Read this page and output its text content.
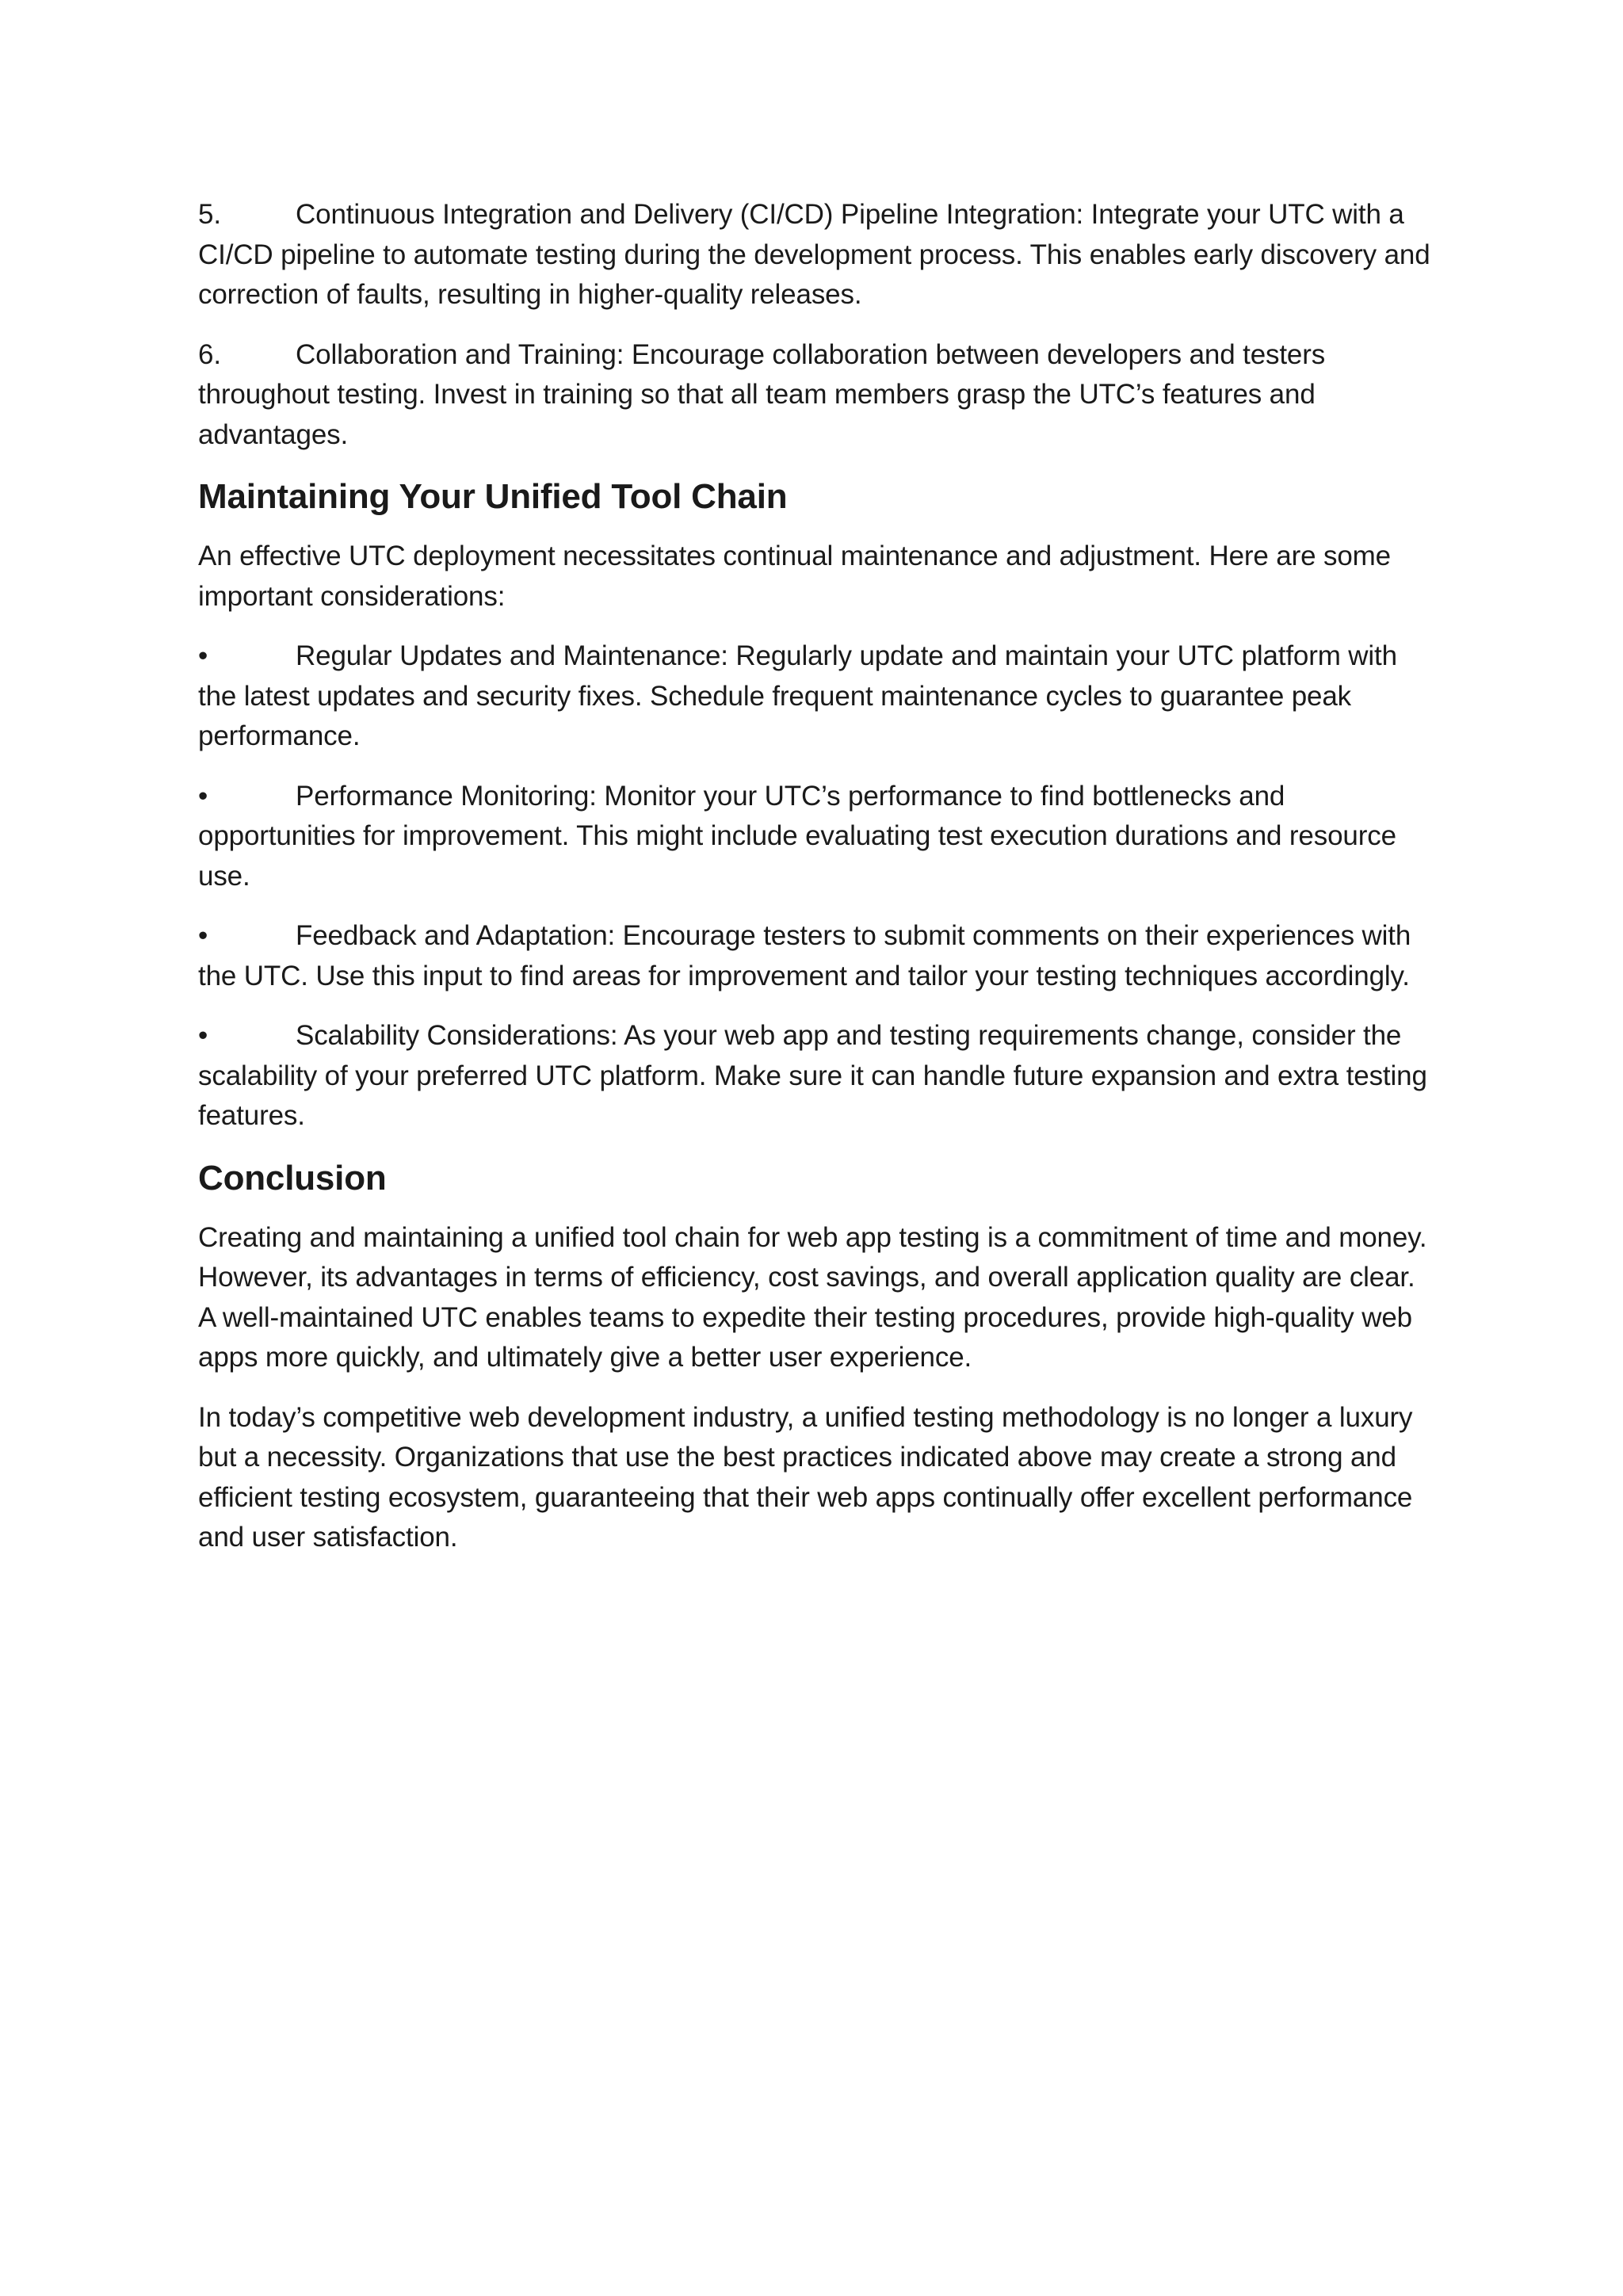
5.	Continuous Integration and Delivery (CI/CD) Pipeline Integration: Integrate your UTC with a CI/CD pipeline to automate testing during the development process. This enables early discovery and correction of faults, resulting in higher-quality releases.

6.	Collaboration and Training: Encourage collaboration between developers and testers throughout testing. Invest in training so that all team members grasp the UTC’s features and advantages.

Maintaining Your Unified Tool Chain

An effective UTC deployment necessitates continual maintenance and adjustment. Here are some important considerations:

•	Regular Updates and Maintenance: Regularly update and maintain your UTC platform with the latest updates and security fixes. Schedule frequent maintenance cycles to guarantee peak performance.

•	Performance Monitoring: Monitor your UTC’s performance to find bottlenecks and opportunities for improvement. This might include evaluating test execution durations and resource use.

•	Feedback and Adaptation: Encourage testers to submit comments on their experiences with the UTC. Use this input to find areas for improvement and tailor your testing techniques accordingly.

•	Scalability Considerations: As your web app and testing requirements change, consider the scalability of your preferred UTC platform. Make sure it can handle future expansion and extra testing features.

Conclusion

Creating and maintaining a unified tool chain for web app testing is a commitment of time and money. However, its advantages in terms of efficiency, cost savings, and overall application quality are clear. A well-maintained UTC enables teams to expedite their testing procedures, provide high-quality web apps more quickly, and ultimately give a better user experience.

In today’s competitive web development industry, a unified testing methodology is no longer a luxury but a necessity. Organizations that use the best practices indicated above may create a strong and efficient testing ecosystem, guaranteeing that their web apps continually offer excellent performance and user satisfaction.
